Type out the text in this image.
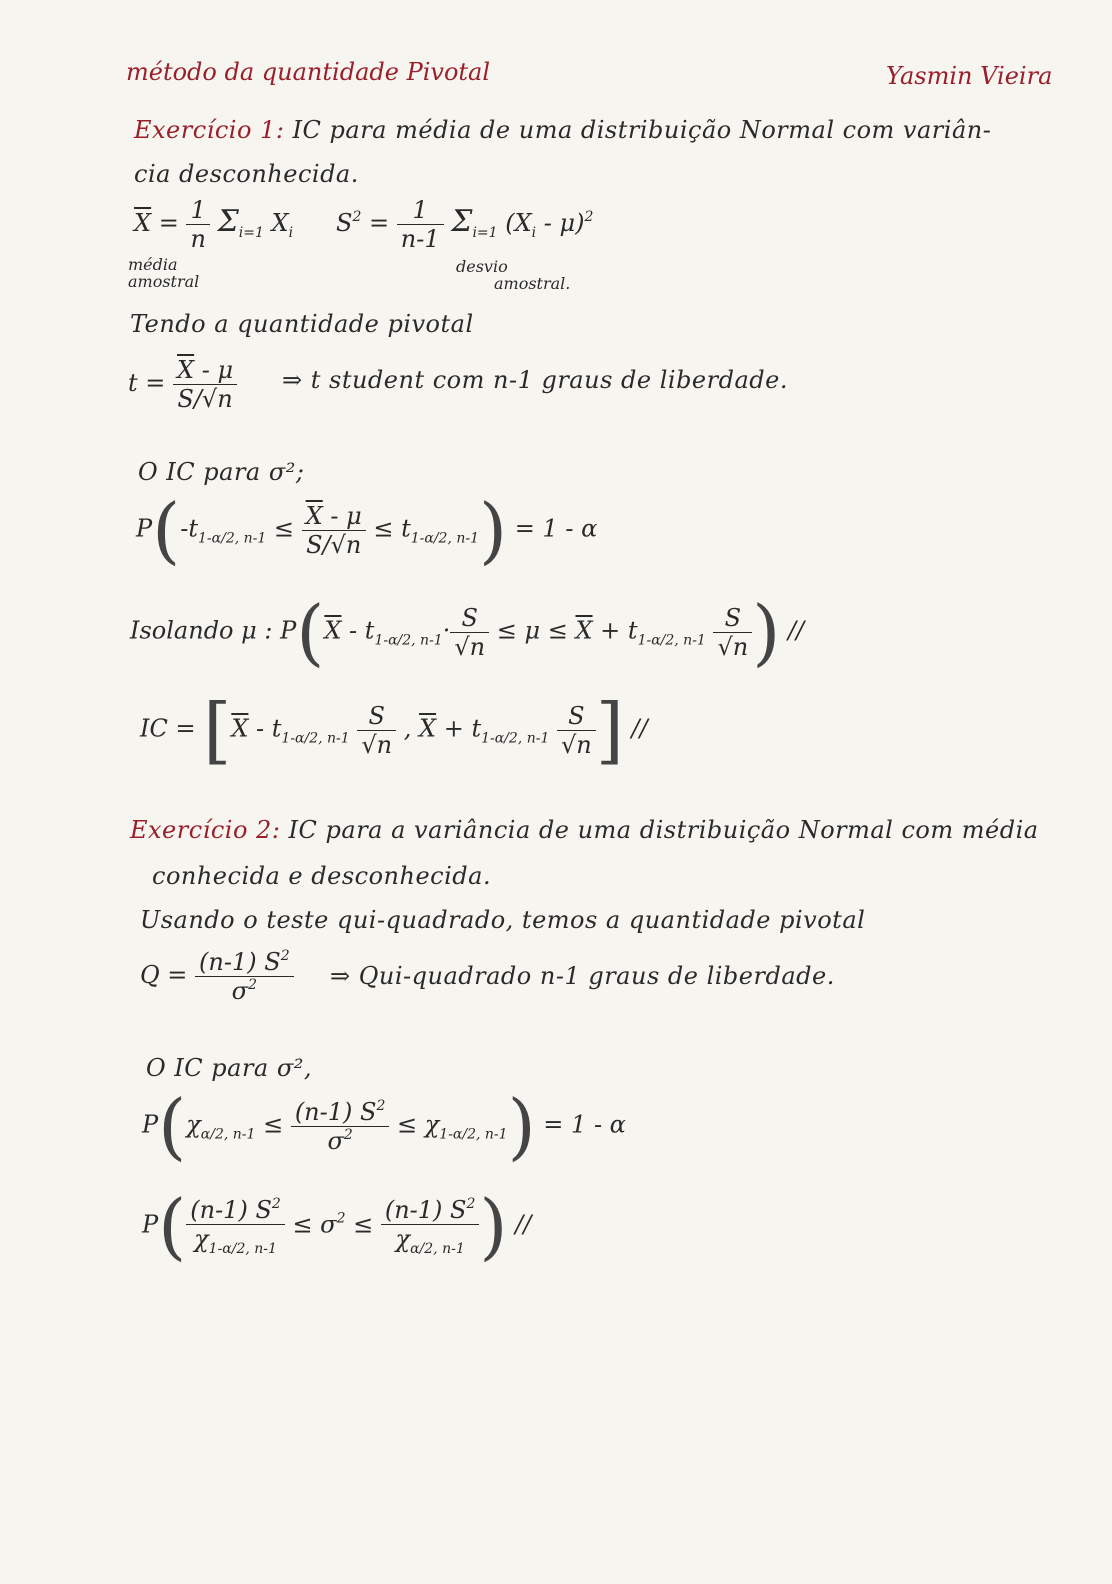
método da quantidade Pivotal	Yasmin Vieira
Exercício 1: IC para média de uma distribuição Normal com variân-
cia desconhecida.
$\overline{X} = \frac{1}{n} \Sigma_{i=1}$ $X_i$
média
amostral
$S^2 = \frac{1}{n-1} \Sigma_{i=1}$ $(X_i - \mu)^2$
desvio
amostral.
Tendo a quantidade pivotal
$t = \frac{\overline{X} - \mu}{S/√n}$ ⇒ t student com n-1 graus de liberdade.
O IC para σ²;
$P(-t_{1-\alpha/2, n-1} \le \frac{\overline{X} - \mu}{S/√n} \le t_{1-\alpha/2, n-1}) = 1 - \alpha$
Isolando μ : $P(\overline{X} - t_{1-\alpha/2, n-1}\cdot \frac{S}{√n} \le \mu \le \overline{X} + t_{1-\alpha/2, n-1} \frac{S}{√n}$ ) //
IC = [$\overline{X} - t_{1-\alpha/2, n-1} \frac{S}{√n}$ , $\overline{X} + t_{1-\alpha/2, n-1} \frac{S}{√n}$ ] //
Exercício 2: IC para a variância de uma distribuição Normal com média
conhecida e desconhecida.
Usando o teste qui-quadrado, temos a quantidade pivotal
$Q = \frac{(n-1) S^2}{\sigma^2}$ ⇒ Qui-quadrado n-1 graus de liberdade.
O IC para σ²,
$P(\chi_{\alpha/2, n-1} \le \frac{(n-1) S^2}{\sigma^2} \le \chi_{1-\alpha/2, n-1}) = 1 - \alpha$
$P( \frac{(n-1) S^2}{\chi_{1-\alpha/2, n-1}} \le \sigma^2 \le \frac{(n-1) S^2}{\chi_{\alpha/2, n-1}}$ ) //
